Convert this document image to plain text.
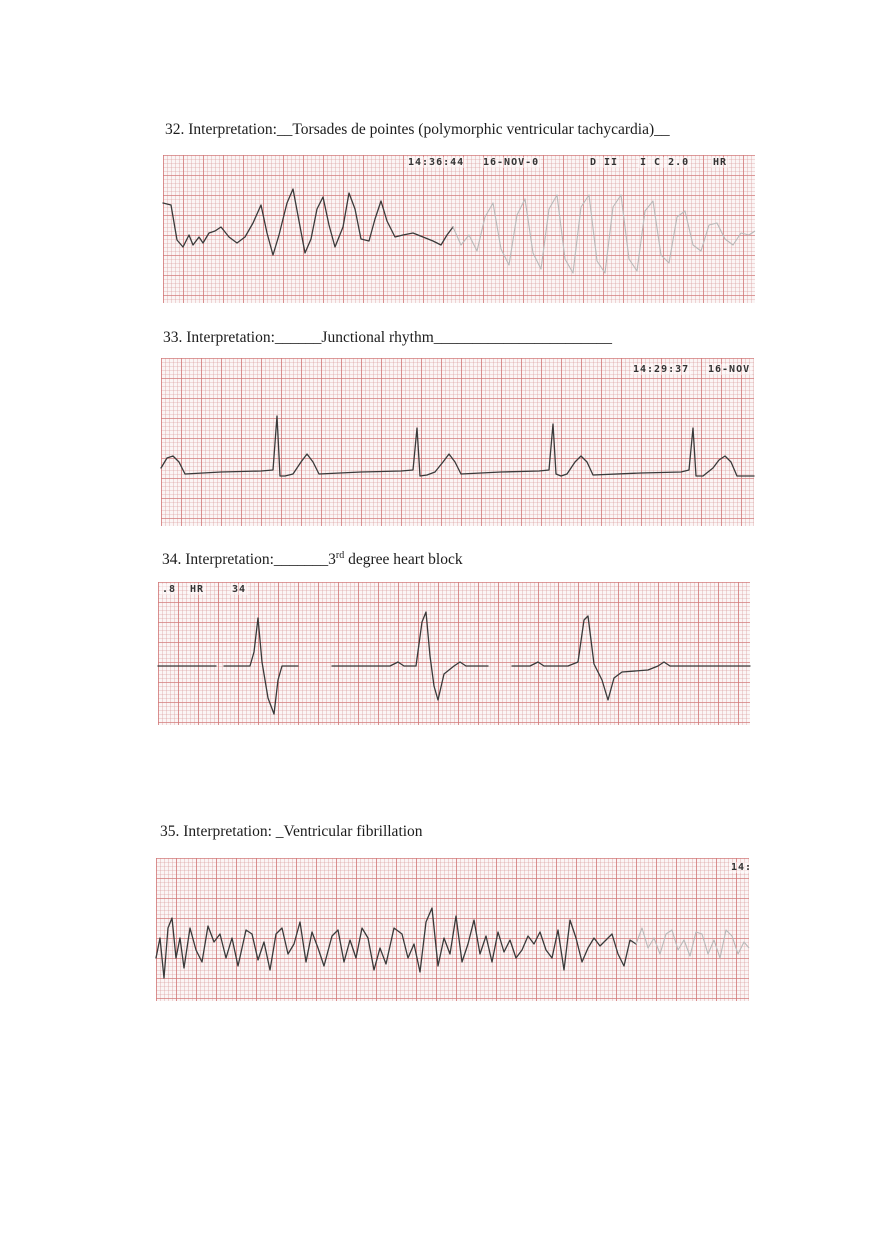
32. Interpretation:__Torsades de pointes (polymorphic ventricular tachycardia)__
14:36:44 16-NOV-0	D II I C 2.0 HR
33. Interpretation:______Junctional rhythm_______________________
14:29:37 16-NOV
34. Interpretation:_______3rd degree heart block
.8 HR	34
35. Interpretation: _Ventricular fibrillation
14:
